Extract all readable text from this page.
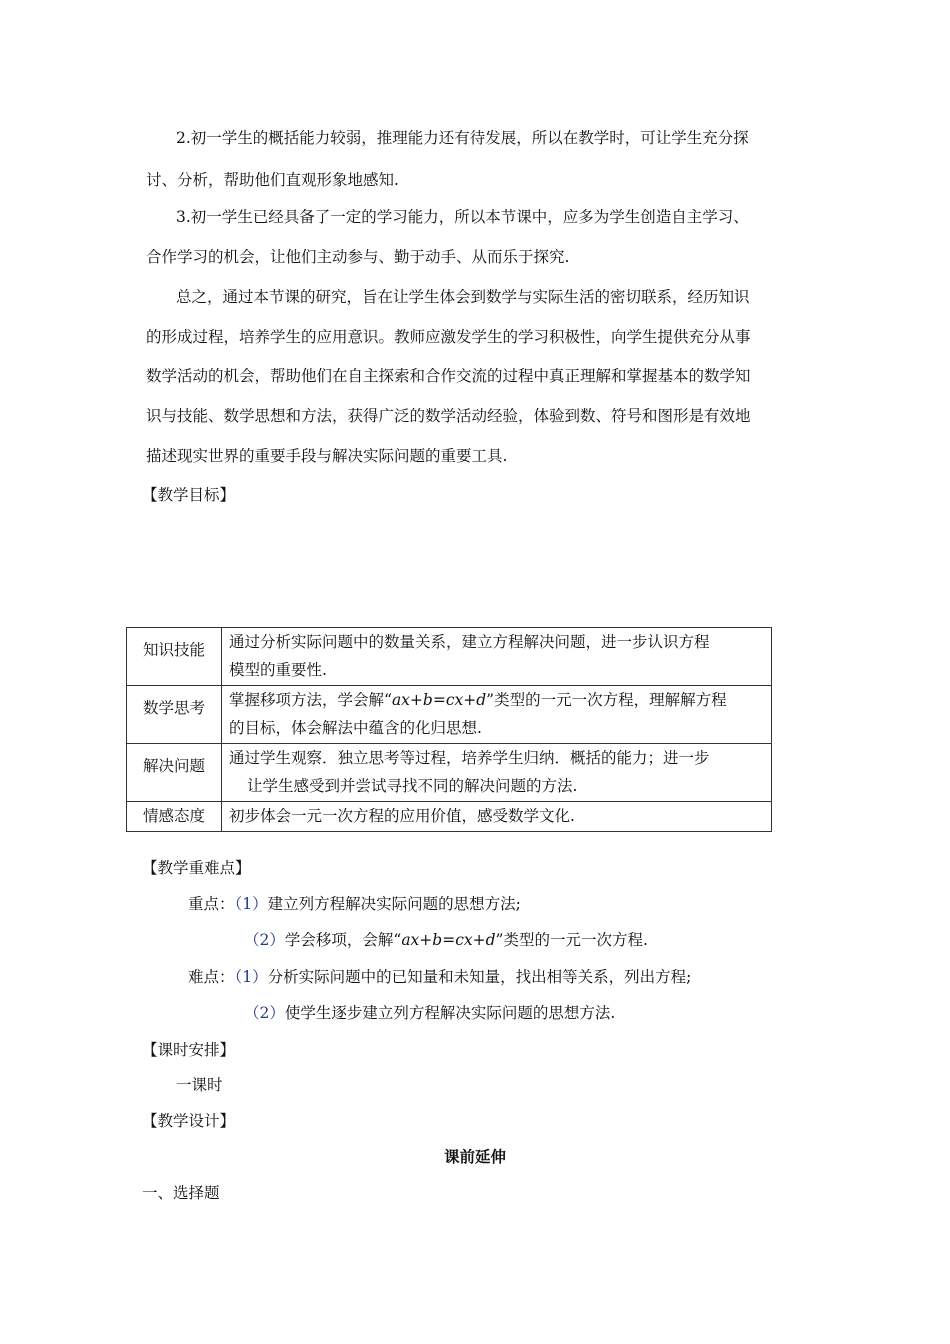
2.初一学生的概括能力较弱，推理能力还有待发展，所以在教学时，可让学生充分探
讨、分析，帮助他们直观形象地感知.
3.初一学生已经具备了一定的学习能力，所以本节课中，应多为学生创造自主学习、
合作学习的机会，让他们主动参与、勤于动手、从而乐于探究.
总之，通过本节课的研究，旨在让学生体会到数学与实际生活的密切联系，经历知识
的形成过程，培养学生的应用意识。教师应激发学生的学习积极性，向学生提供充分从事
数学活动的机会，帮助他们在自主探索和合作交流的过程中真正理解和掌握基本的数学知
识与技能、数学思想和方法，获得广泛的数学活动经验，体验到数、符号和图形是有效地
描述现实世界的重要手段与解决实际问题的重要工具.
【教学目标】
知识技能	通过分析实际问题中的数量关系，建立方程解决问题，进一步认识方程
模型的重要性.

数学思考	掌握移项方法，学会解“ax+b=cx+d”类型的一元一次方程，理解解方程
的目标，体会解法中蕴含的化归思想.

解决问题	通过学生观察．独立思考等过程，培养学生归纳．概括的能力；进一步
让学生感受到并尝试寻找不同的解决问题的方法.

情感态度	初步体会一元一次方程的应用价值，感受数学文化.
【教学重难点】
重点：（1）建立列方程解决实际问题的思想方法;
（2）学会移项，会解“ax+b=cx+d”类型的一元一次方程.
难点：（1）分析实际问题中的已知量和未知量，找出相等关系，列出方程;
（2）使学生逐步建立列方程解决实际问题的思想方法.
【课时安排】
一课时
【教学设计】
课前延伸
一、选择题
